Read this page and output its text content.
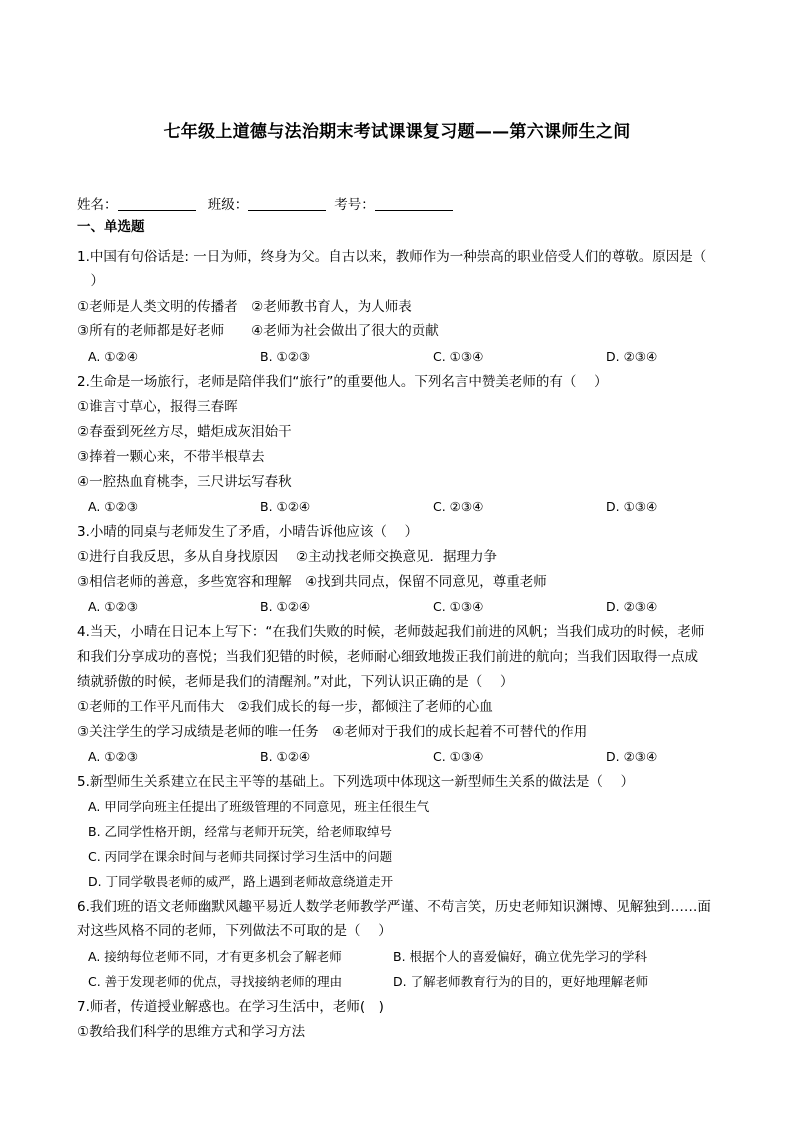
七年级上道德与法治期末考试课课复习题——第六课师生之间
姓名：	班级：	考号：
一、单选题
1.中国有句俗话是: 一日为师，终身为父。自古以来，教师作为一种崇高的职业倍受人们的尊敬。原因是（
　）
①老师是人类文明的传播者　②老师教书育人，为人师表
③所有的老师都是好老师　　④老师为社会做出了很大的贡献
A. ①②④	B. ①②③	C. ①③④	D. ②③④
2.生命是一场旅行，老师是陪伴我们“旅行”的重要他人。下列名言中赞美老师的有（　 ）
①谁言寸草心，报得三春晖
②春蚕到死丝方尽，蜡炬成灰泪始干
③捧着一颗心来，不带半根草去
④一腔热血育桃李，三尺讲坛写春秋
A. ①②③	B. ①②④	C. ②③④	D. ①③④
3.小晴的同桌与老师发生了矛盾，小晴告诉他应该（　 ）
①进行自我反思，多从自身找原因　 ②主动找老师交换意见．据理力争
③相信老师的善意，多些宽容和理解　④找到共同点，保留不同意见，尊重老师
A. ①②③	B. ①②④	C. ①③④	D. ②③④
4.当天，小晴在日记本上写下：“在我们失败的时候，老师鼓起我们前进的风帆；当我们成功的时候，老师
和我们分享成功的喜悦；当我们犯错的时候，老师耐心细致地拨正我们前进的航向；当我们因取得一点成
绩就骄傲的时候，老师是我们的清醒剂。”对此，下列认识正确的是（　 ）
①老师的工作平凡而伟大　②我们成长的每一步，都倾注了老师的心血
③关注学生的学习成绩是老师的唯一任务　④老师对于我们的成长起着不可替代的作用
A. ①②③	B. ①②④	C. ①③④	D. ②③④
5.新型师生关系建立在民主平等的基础上。下列选项中体现这一新型师生关系的做法是（　 ）
A. 甲同学向班主任提出了班级管理的不同意见，班主任很生气
B. 乙同学性格开朗，经常与老师开玩笑，给老师取绰号
C. 丙同学在课余时间与老师共同探讨学习生活中的问题
D. 丁同学敬畏老师的威严，路上遇到老师故意绕道走开
6.我们班的语文老师幽默风趣平易近人数学老师教学严谨、不苟言笑，历史老师知识渊博、见解独到……面
对这些风格不同的老师，下列做法不可取的是（　 ）
A. 接纳每位老师不同，才有更多机会了解老师	B. 根据个人的喜爱偏好，确立优先学习的学科
C. 善于发现老师的优点，寻找接纳老师的理由	D. 了解老师教育行为的目的，更好地理解老师
7.师者，传道授业解惑也。在学习生活中，老师(　)
①教给我们科学的思维方式和学习方法
